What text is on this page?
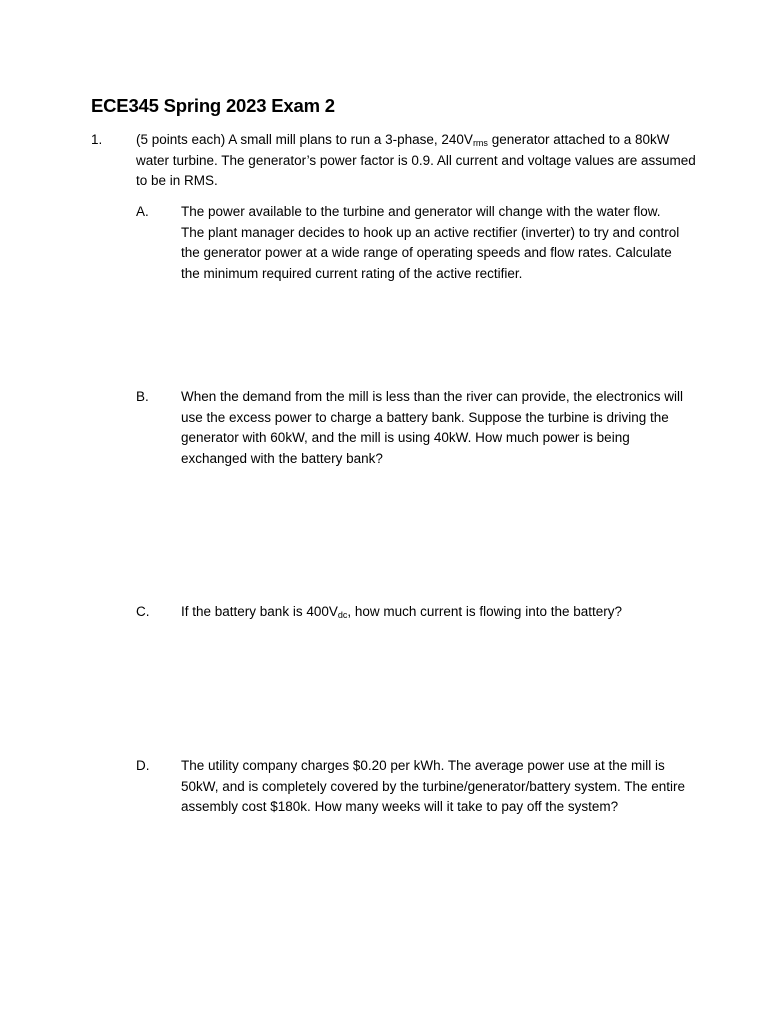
ECE345 Spring 2023 Exam 2
1. (5 points each) A small mill plans to run a 3-phase, $240V_{rms}$ generator attached to a 80kW water turbine. The generator’s power factor is 0.9. All current and voltage values are assumed to be in RMS.
A. The power available to the turbine and generator will change with the water flow. The plant manager decides to hook up an active rectifier (inverter) to try and control the generator power at a wide range of operating speeds and flow rates. Calculate the minimum required current rating of the active rectifier.
B. When the demand from the mill is less than the river can provide, the electronics will use the excess power to charge a battery bank. Suppose the turbine is driving the generator with 60kW, and the mill is using 40kW. How much power is being exchanged with the battery bank?
C. If the battery bank is $400V_{dc}$, how much current is flowing into the battery?
D. The utility company charges $0.20 per kWh. The average power use at the mill is 50kW, and is completely covered by the turbine/generator/battery system. The entire assembly cost $180k. How many weeks will it take to pay off the system?
